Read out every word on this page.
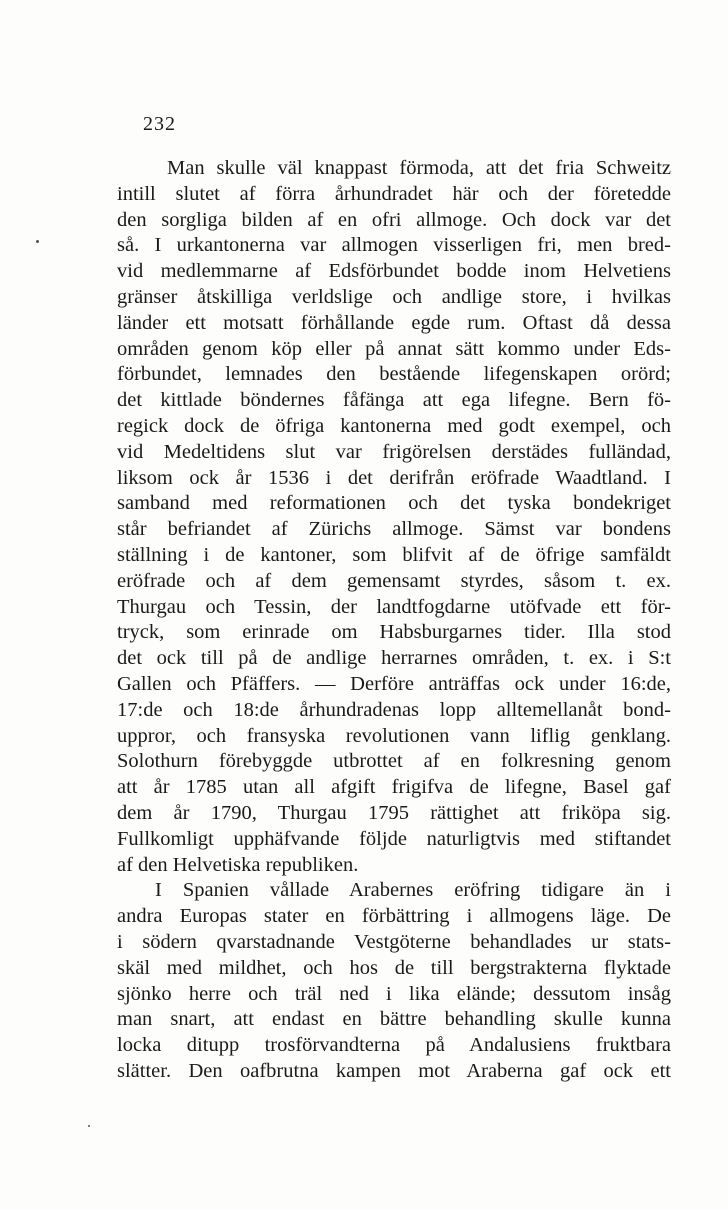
232
Man skulle väl knappast förmoda, att det fria Schweitz
intill slutet af förra århundradet här och der företedde
den sorgliga bilden af en ofri allmoge. Och dock var det
så. I urkantonerna var allmogen visserligen fri, men bred-
vid medlemmarne af Edsförbundet bodde inom Helvetiens
gränser åtskilliga verldslige och andlige store, i hvilkas
länder ett motsatt förhållande egde rum. Oftast då dessa
områden genom köp eller på annat sätt kommo under Eds-
förbundet, lemnades den bestående lifegenskapen orörd;
det kittlade böndernes fåfänga att ega lifegne. Bern fö-
regick dock de öfriga kantonerna med godt exempel, och
vid Medeltidens slut var frigörelsen derstädes fulländad,
liksom ock år 1536 i det derifrån eröfrade Waadtland. I
samband med reformationen och det tyska bondekriget
står befriandet af Zürichs allmoge. Sämst var bondens
ställning i de kantoner, som blifvit af de öfrige samfäldt
eröfrade och af dem gemensamt styrdes, såsom t. ex.
Thurgau och Tessin, der landtfogdarne utöfvade ett för-
tryck, som erinrade om Habsburgarnes tider. Illa stod
det ock till på de andlige herrarnes områden, t. ex. i S:t
Gallen och Pfäffers. — Derföre anträffas ock under 16:de,
17:de och 18:de århundradenas lopp alltemellanåt bond-
uppror, och fransyska revolutionen vann liflig genklang.
Solothurn förebyggde utbrottet af en folkresning genom
att år 1785 utan all afgift frigifva de lifegne, Basel gaf
dem år 1790, Thurgau 1795 rättighet att friköpa sig.
Fullkomligt upphäfvande följde naturligtvis med stiftandet
af den Helvetiska republiken.
I Spanien vållade Arabernes eröfring tidigare än i
andra Europas stater en förbättring i allmogens läge. De
i södern qvarstadnande Vestgöterne behandlades ur stats-
skäl med mildhet, och hos de till bergstrakterna flyktade
sjönko herre och träl ned i lika elände; dessutom insåg
man snart, att endast en bättre behandling skulle kunna
locka ditupp trosförvandterna på Andalusiens fruktbara
slätter. Den oafbrutna kampen mot Araberna gaf ock ett
